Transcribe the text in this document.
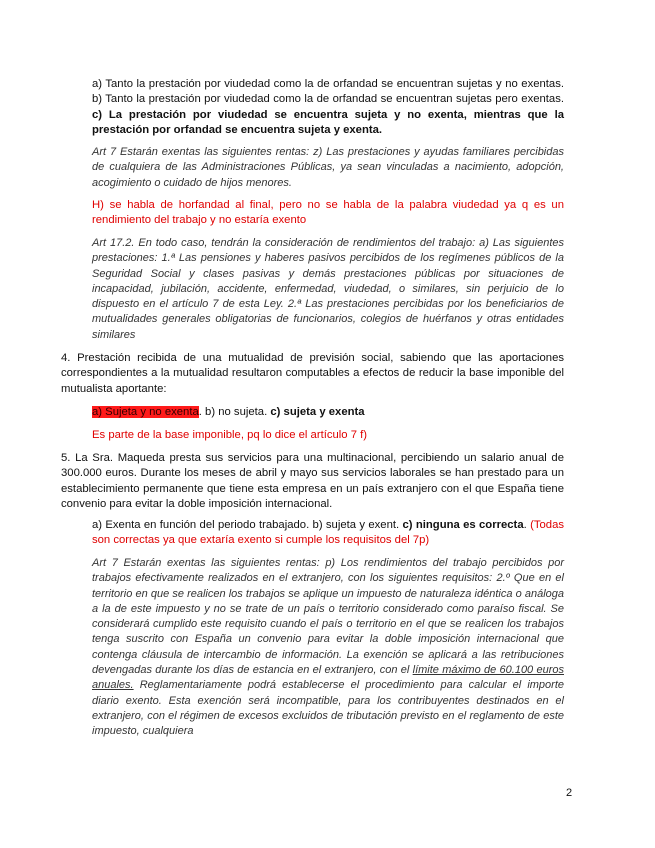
a) Tanto la prestación por viudedad como la de orfandad se encuentran sujetas y no exentas. b) Tanto la prestación por viudedad como la de orfandad se encuentran sujetas pero exentas. c) La prestación por viudedad se encuentra sujeta y no exenta, mientras que la prestación por orfandad se encuentra sujeta y exenta.

Art 7 Estarán exentas las siguientes rentas: z) Las prestaciones y ayudas familiares percibidas de cualquiera de las Administraciones Públicas, ya sean vinculadas a nacimiento, adopción, acogimiento o cuidado de hijos menores.

H) se habla de horfandad al final, pero no se habla de la palabra viudedad ya q es un rendimiento del trabajo y no estaría exento

Art 17.2. En todo caso, tendrán la consideración de rendimientos del trabajo: a) Las siguientes prestaciones: 1.ª Las pensiones y haberes pasivos percibidos de los regímenes públicos de la Seguridad Social y clases pasivas y demás prestaciones públicas por situaciones de incapacidad, jubilación, accidente, enfermedad, viudedad, o similares, sin perjuicio de lo dispuesto en el artículo 7 de esta Ley. 2.ª Las prestaciones percibidas por los beneficiarios de mutualidades generales obligatorias de funcionarios, colegios de huérfanos y otras entidades similares

4. Prestación recibida de una mutualidad de previsión social, sabiendo que las aportaciones correspondientes a la mutualidad resultaron computables a efectos de reducir la base imponible del mutualista aportante:

a) Sujeta y no exenta. b) no sujeta. c) sujeta y exenta

Es parte de la base imponible, pq lo dice el artículo 7 f)

5. La Sra. Maqueda presta sus servicios para una multinacional, percibiendo un salario anual de 300.000 euros. Durante los meses de abril y mayo sus servicios laborales se han prestado para un establecimiento permanente que tiene esta empresa en un país extranjero con el que España tiene convenio para evitar la doble imposición internacional.

a) Exenta en función del periodo trabajado. b) sujeta y exent. c) ninguna es correcta. (Todas son correctas ya que extaría exento si cumple los requisitos del 7p)

Art 7 Estarán exentas las siguientes rentas: p) Los rendimientos del trabajo percibidos por trabajos efectivamente realizados en el extranjero, con los siguientes requisitos: 2.º Que en el territorio en que se realicen los trabajos se aplique un impuesto de naturaleza idéntica o análoga a la de este impuesto y no se trate de un país o territorio considerado como paraíso fiscal. Se considerará cumplido este requisito cuando el país o territorio en el que se realicen los trabajos tenga suscrito con España un convenio para evitar la doble imposición internacional que contenga cláusula de intercambio de información. La exención se aplicará a las retribuciones devengadas durante los días de estancia en el extranjero, con el límite máximo de 60.100 euros anuales. Reglamentariamente podrá establecerse el procedimiento para calcular el importe diario exento. Esta exención será incompatible, para los contribuyentes destinados en el extranjero, con el régimen de excesos excluidos de tributación previsto en el reglamento de este impuesto, cualquiera

2
